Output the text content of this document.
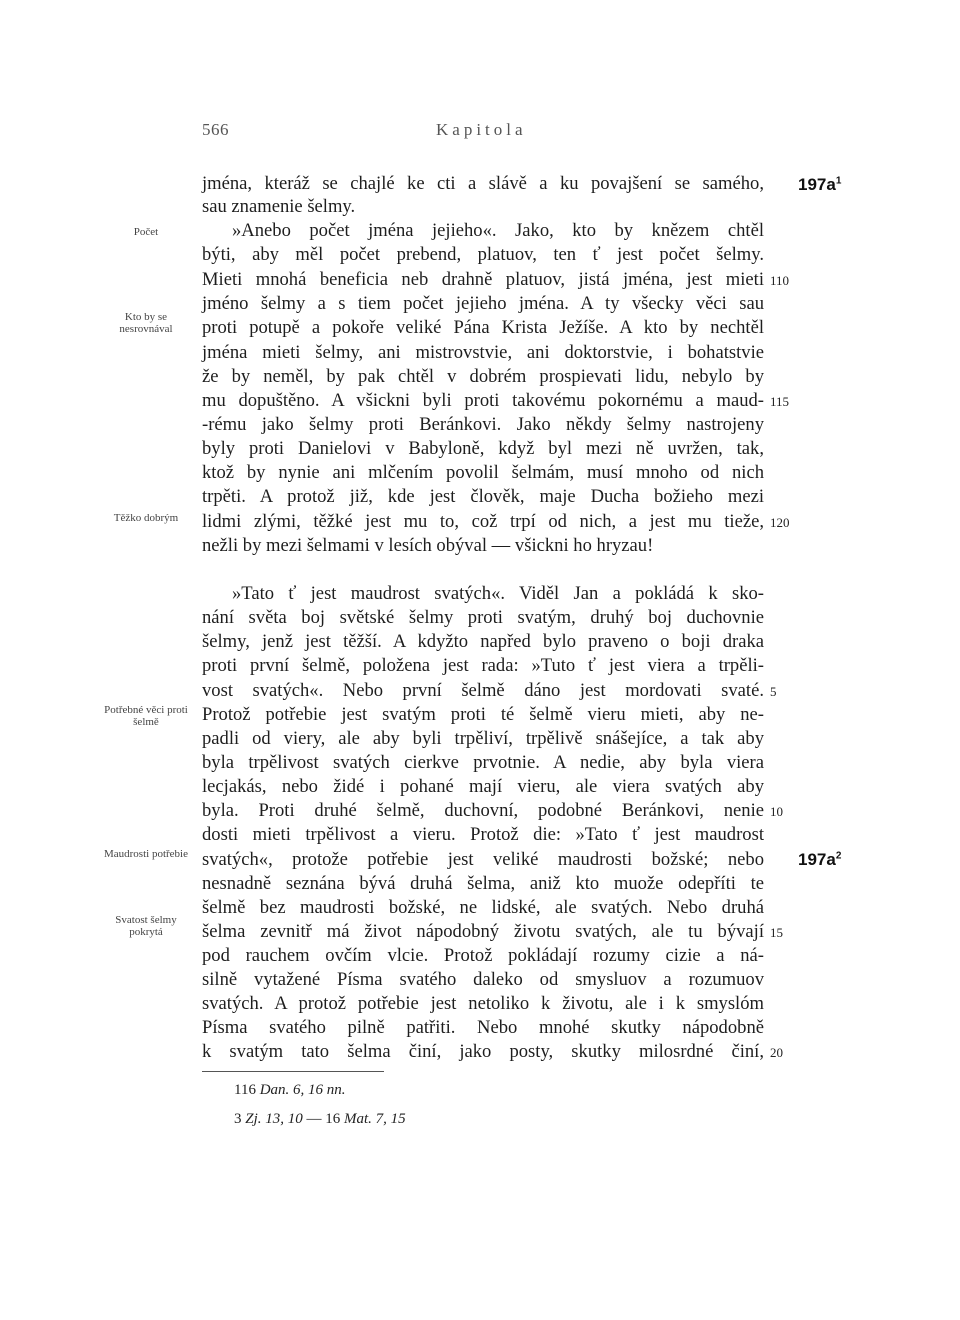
566	Kapitola
jména, kteráž se chajlé ke cti a slávě a ku povajšení se samého,
sau znamenie šelmy.
»Anebo počet jména jejieho«. Jako, kto by knězem chtěl
býti, aby měl počet prebend, platuov, ten ť jest počet šelmy.
Mieti mnohá beneficia neb drahně platuov, jistá jména, jest mieti
jméno šelmy a s tiem počet jejieho jména. A ty všecky věci sau
proti potupě a pokoře veliké Pána Krista Ježíše. A kto by nechtěl
jména mieti šelmy, ani mistrovstvie, ani doktorstvie, i bohatstvie
že by neměl, by pak chtěl v dobrém prospievati lidu, nebylo by
mu dopuštěno. A všickni byli proti takovému pokornému a maud-
-rému jako šelmy proti Beránkovi. Jako někdy šelmy nastrojeny
byly proti Danielovi v Babyloně, když byl mezi ně uvržen, tak,
ktož by nynie ani mlčením povolil šelmám, musí mnoho od nich
trpěti. A protož již, kde jest člověk, maje Ducha božieho mezi
lidmi zlými, těžké jest mu to, což trpí od nich, a jest mu tieže,
nežli by mezi šelmami v lesích obýval — všickni ho hryzau!
»Tato ť jest maudrost svatých«. Viděl Jan a pokládá k sko-
nání světa boj světské šelmy proti svatým, druhý boj duchovnie
šelmy, jenž jest těžší. A kdyžto napřed bylo praveno o boji draka
proti první šelmě, položena jest rada: »Tuto ť jest viera a trpěli-
vost svatých«. Nebo první šelmě dáno jest mordovati svaté.
Protož potřebie jest svatým proti té šelmě vieru mieti, aby ne-
padli od viery, ale aby byli trpěliví, trpělivě snášejíce, a tak aby
byla trpělivost svatých cierkve prvotnie. A nedie, aby byla viera
lecjakás, nebo židé i pohané mají vieru, ale viera svatých aby
byla. Proti druhé šelmě, duchovní, podobné Beránkovi, nenie
dosti mieti trpělivost a vieru. Protož die: »Tato ť jest maudrost
svatých«, protože potřebie jest veliké maudrosti božské; nebo
nesnadně seznána bývá druhá šelma, aniž kto muože odepříti te
šelmě bez maudrosti božské, ne lidské, ale svatých. Nebo druhá
šelma zevnitř má život nápodobný životu svatých, ale tu bývají
pod rauchem ovčím vlcie. Protož pokládají rozumy cizie a ná-
silně vytažené Písma svatého daleko od smysluov a rozumuov
svatých. A protož potřebie jest netoliko k životu, ale i k smyslóm
Písma svatého pilně patřiti. Nebo mnohé skutky nápodobně
k svatým tato šelma činí, jako posty, skutky milosrdné činí,
Počet
Kto by se nesrovnával
Těžko dobrým
Potřebné věci proti šelmě
Maudrosti potřebie
Svatost šelmy pokrytá
110
115
120
5
10
15
20
$197a^1$
$197a^2$
116 Dan. 6, 16 nn.
3 Zj. 13, 10 — 16 Mat. 7, 15
